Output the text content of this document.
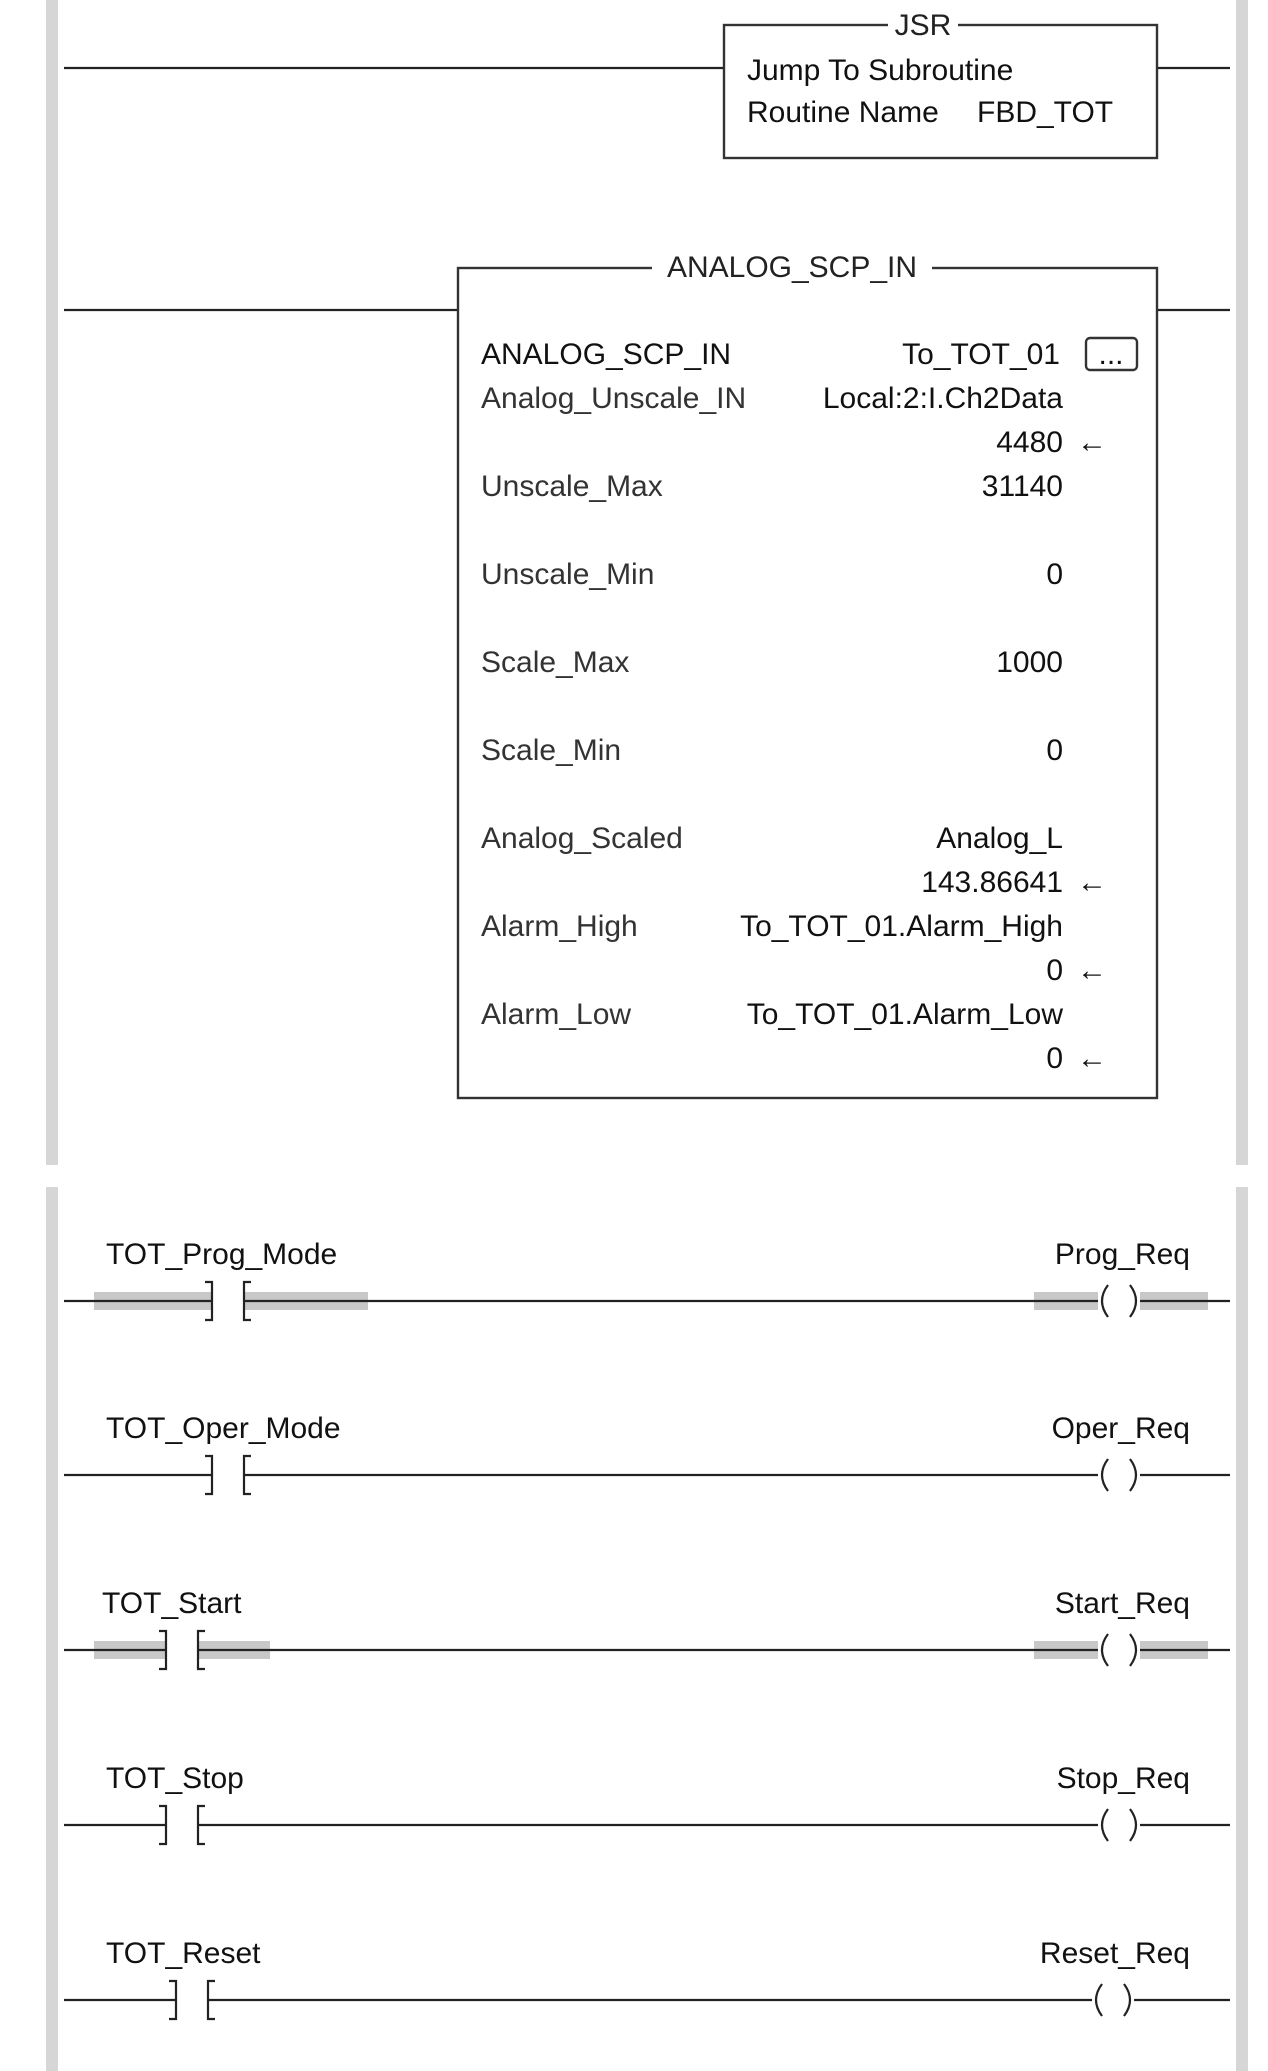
JSR
Jump To Subroutine
Routine Name FBD_TOT
ANALOG_SCP_IN
ANALOG_SCP_IN	To_TOT_01 ...
Analog_Unscale_IN	Local:2:I.Ch2Data
4480 ←
Unscale_Max	31140
Unscale_Min	0
Scale_Max	1000
Scale_Min	0
Analog_Scaled	Analog_L
143.86641 ←
Alarm_High	To_TOT_01.Alarm_High
0 ←
Alarm_Low	To_TOT_01.Alarm_Low
0 ←
TOT_Prog_Mode	Prog_Req
TOT_Oper_Mode	Oper_Req
TOT_Start	Start_Req
TOT_Stop	Stop_Req
TOT_Reset	Reset_Req
